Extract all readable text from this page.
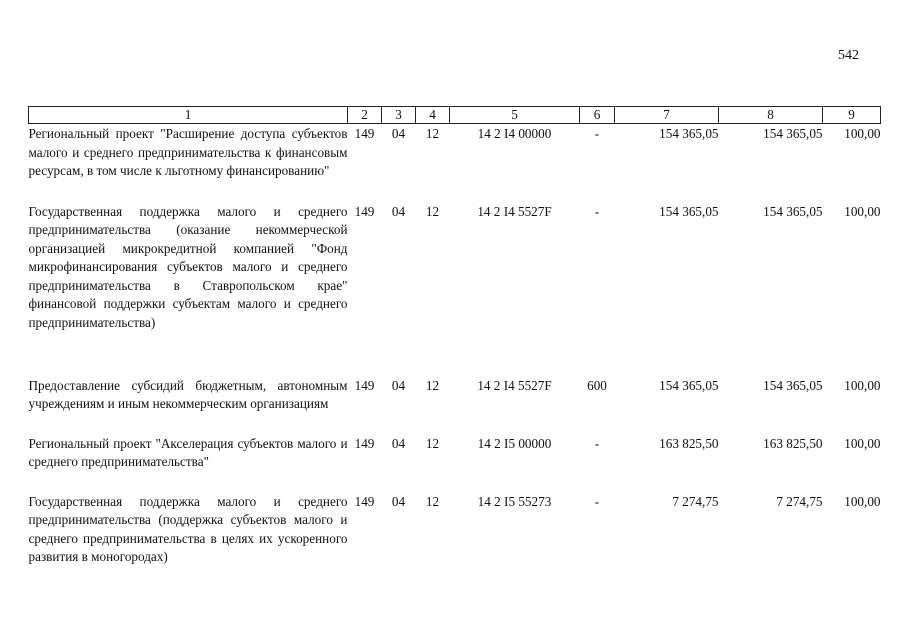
542
1	2	3	4	5	6	7	8	9
Региональный проект "Расширение доступа субъектов малого и среднего предпринимательства к финансовым ресурсам, в том числе к льготному финансированию"	149	04	12	14 2 I4 00000	-	154 365,05	154 365,05	100,00
Государственная поддержка малого и среднего предпринимательства (оказание некоммерческой организацией микрокредитной компанией "Фонд микрофинансирования субъектов малого и среднего предпринимательства в Ставропольском крае" финансовой поддержки субъектам малого и среднего предпринимательства)	149	04	12	14 2 I4 5527F	-	154 365,05	154 365,05	100,00
Предоставление субсидий бюджетным, автономным учреждениям и иным некоммерческим организациям	149	04	12	14 2 I4 5527F	600	154 365,05	154 365,05	100,00
Региональный проект "Акселерация субъектов малого и среднего предпринимательства"	149	04	12	14 2 I5 00000	-	163 825,50	163 825,50	100,00
Государственная поддержка малого и среднего предпринимательства (поддержка субъектов малого и среднего предпринимательства в целях их ускоренного развития в моногородах)	149	04	12	14 2 I5 55273	-	7 274,75	7 274,75	100,00
